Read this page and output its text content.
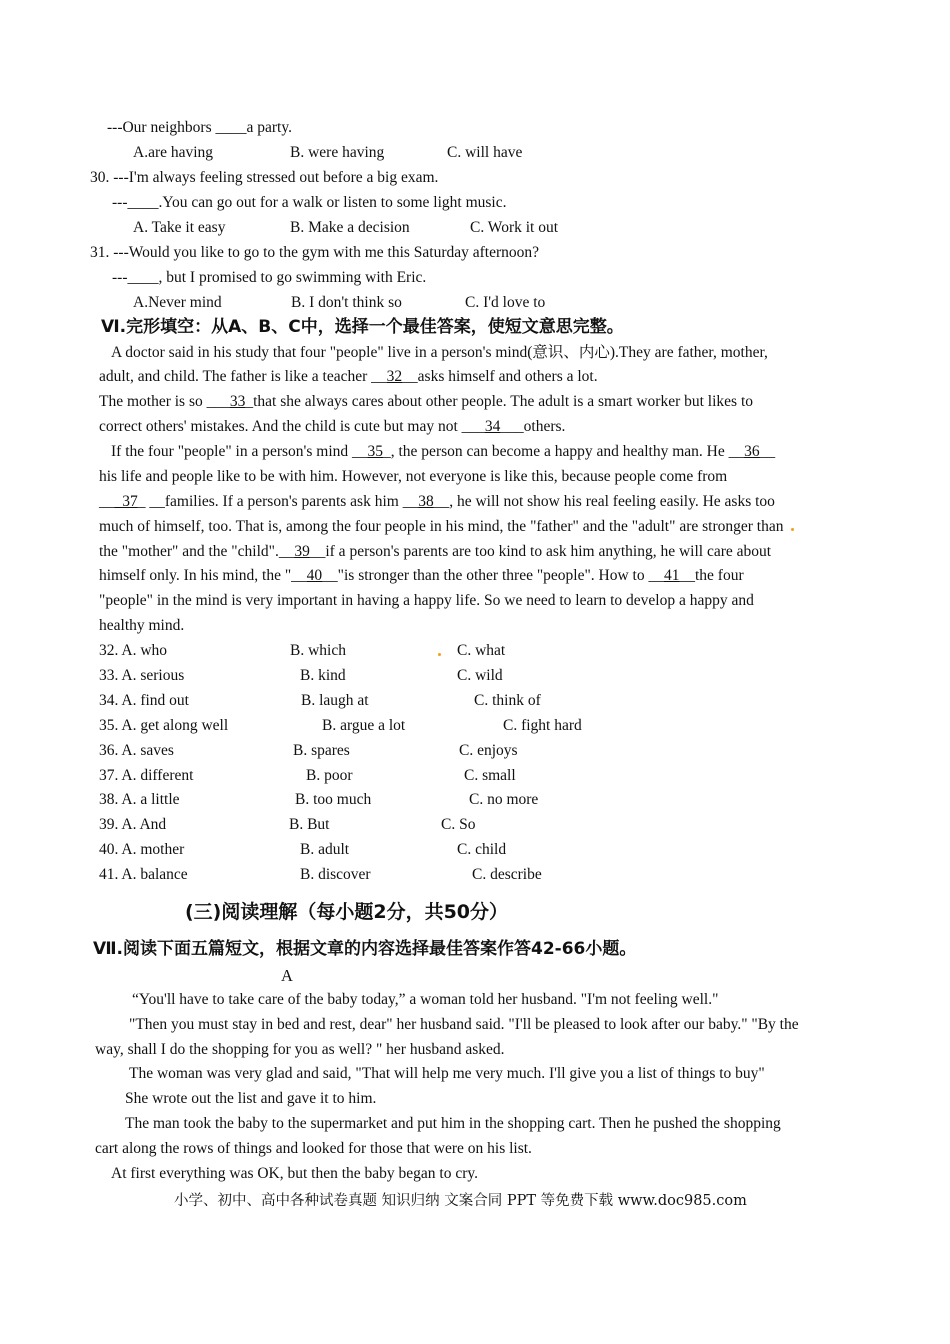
---Our neighbors ____a party.
A.are having	B. were having	C. will have
30. ---I'm always feeling stressed out before a big exam.
---____.You can go out for a walk or listen to some light music.
A. Take it easy	B. Make a decision	C. Work it out
31. ---Would you like to go to the gym with me this Saturday afternoon?
---____, but I promised to go swimming with Eric.
A.Never mind	B. I don't think so	C. I'd love to
Ⅵ.完形填空：从A、B、C中，选择一个最佳答案，使短文意思完整。
A doctor said in his study that four "people" live in a person's mind(意识、内心).They are father, mother,
adult, and child. The father is like a teacher __32__asks himself and others a lot.
The mother is so ___33_that she always cares about other people. The adult is a smart worker but likes to
correct others' mistakes. And the child is cute but may not ___34___others.
If the four "people" in a person's mind __35_, the person can become a happy and healthy man. He __36__
his life and people like to be with him. However, not everyone is like this, because people come from
___37_ __families. If a person's parents ask him __38__, he will not show his real feeling easily. He asks too
much of himself, too. That is, among the four people in his mind, the "father" and the "adult" are stronger than
the "mother" and the "child".__39__if a person's parents are too kind to ask him anything, he will care about
himself only. In his mind, the "__40__"is stronger than the other three "people". How to __41__the four
"people" in the mind is very important in having a happy life. So we need to learn to develop a happy and
healthy mind.
32. A. who	B. which	C. what
33. A. serious	B. kind	C. wild
34. A. find out	B. laugh at	C. think of
35. A. get along well	B. argue a lot	C. fight hard
36. A. saves	B. spares	C. enjoys
37. A. different	B. poor	C. small
38. A. a little	B. too much	C. no more
39. A. And	B. But	C. So
40. A. mother	B. adult	C. child
41. A. balance	B. discover	C. describe
(三)阅读理解（每小题2分，共50分）
Ⅶ.阅读下面五篇短文，根据文章的内容选择最佳答案作答42-66小题。
A
“You'll have to take care of the baby today,” a woman told her husband. "I'm not feeling well."
"Then you must stay in bed and rest, dear" her husband said. "I'll be pleased to look after our baby." "By the
way, shall I do the shopping for you as well? " her husband asked.
The woman was very glad and said, "That will help me very much. I'll give you a list of things to buy"
She wrote out the list and gave it to him.
The man took the baby to the supermarket and put him in the shopping cart. Then he pushed the shopping
cart along the rows of things and looked for those that were on his list.
At first everything was OK, but then the baby began to cry.
小学、初中、高中各种试卷真题 知识归纳 文案合同 PPT 等免费下载 www.doc985.com
